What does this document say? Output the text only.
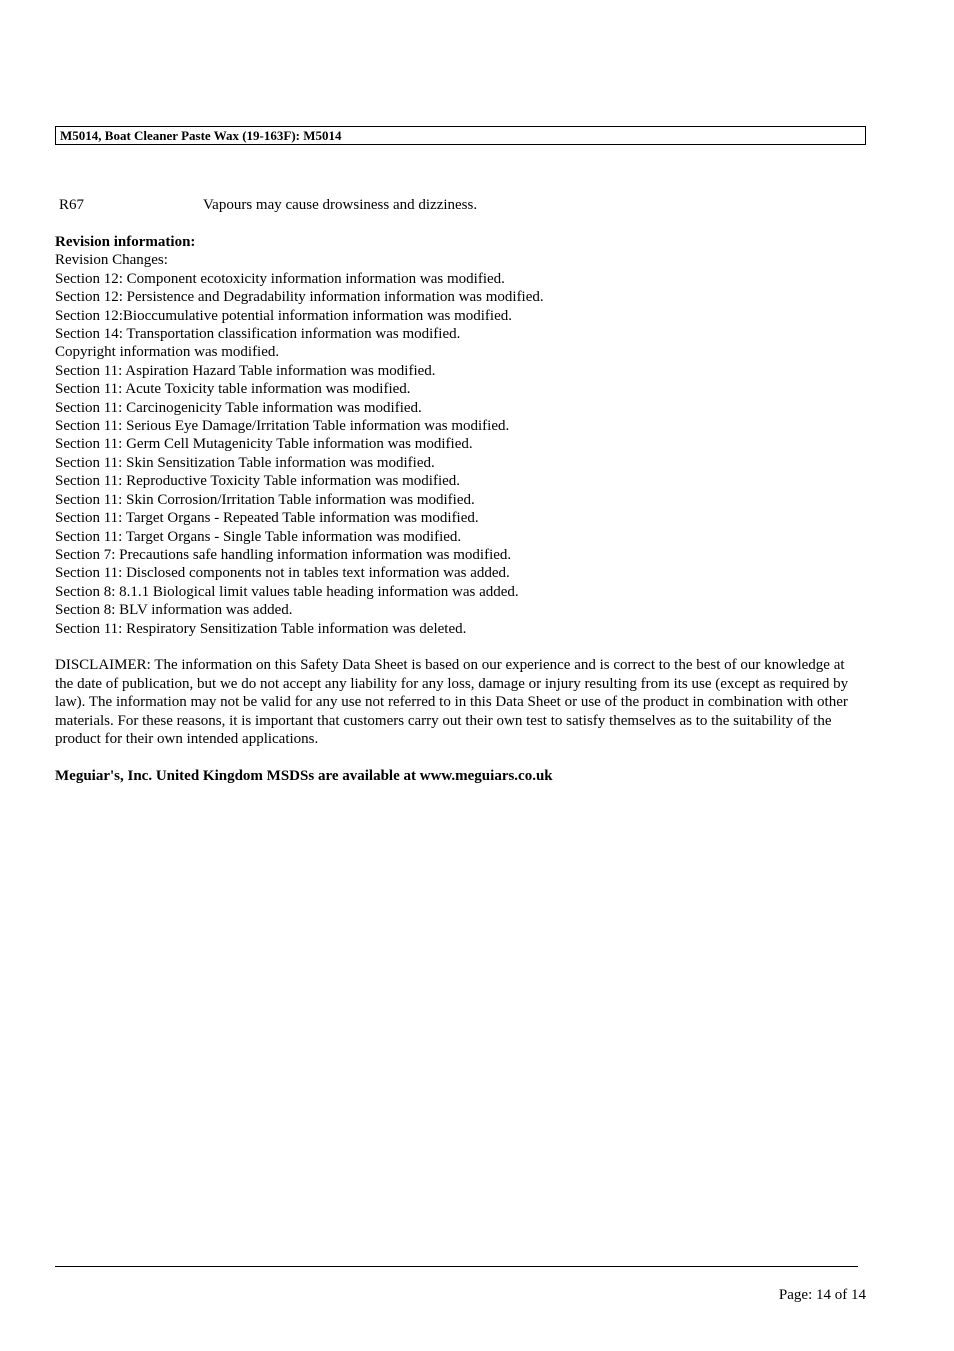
M5014, Boat Cleaner Paste Wax (19-163F): M5014
R67	Vapours may cause drowsiness and dizziness.
Revision information:
Revision Changes:
Section 12: Component ecotoxicity information information was modified.
Section 12: Persistence and Degradability information information was modified.
Section 12:Bioccumulative potential information information was modified.
Section 14: Transportation classification information was modified.
Copyright information was modified.
Section 11: Aspiration Hazard Table information was modified.
Section 11: Acute Toxicity table information was modified.
Section 11: Carcinogenicity Table information was modified.
Section 11: Serious Eye Damage/Irritation Table information was modified.
Section 11: Germ Cell Mutagenicity Table information was modified.
Section 11: Skin Sensitization Table information was modified.
Section 11: Reproductive Toxicity Table information was modified.
Section 11: Skin Corrosion/Irritation Table information was modified.
Section 11: Target Organs - Repeated Table information was modified.
Section 11: Target Organs - Single Table information was modified.
Section 7: Precautions safe handling information information was modified.
Section 11: Disclosed components not in tables text information was added.
Section 8: 8.1.1 Biological limit values table heading information was added.
Section 8: BLV information was added.
Section 11: Respiratory Sensitization Table information was deleted.

DISCLAIMER: The information on this Safety Data Sheet is based on our experience and is correct to the best of our knowledge at the date of publication, but we do not accept any liability for any loss, damage or injury resulting from its use (except as required by law). The information may not be valid for any use not referred to in this Data Sheet or use of the product in combination with other materials. For these reasons, it is important that customers carry out their own test to satisfy themselves as to the suitability of the product for their own intended applications.

Meguiar's, Inc. United Kingdom MSDSs are available at www.meguiars.co.uk
Page: 14 of 14
